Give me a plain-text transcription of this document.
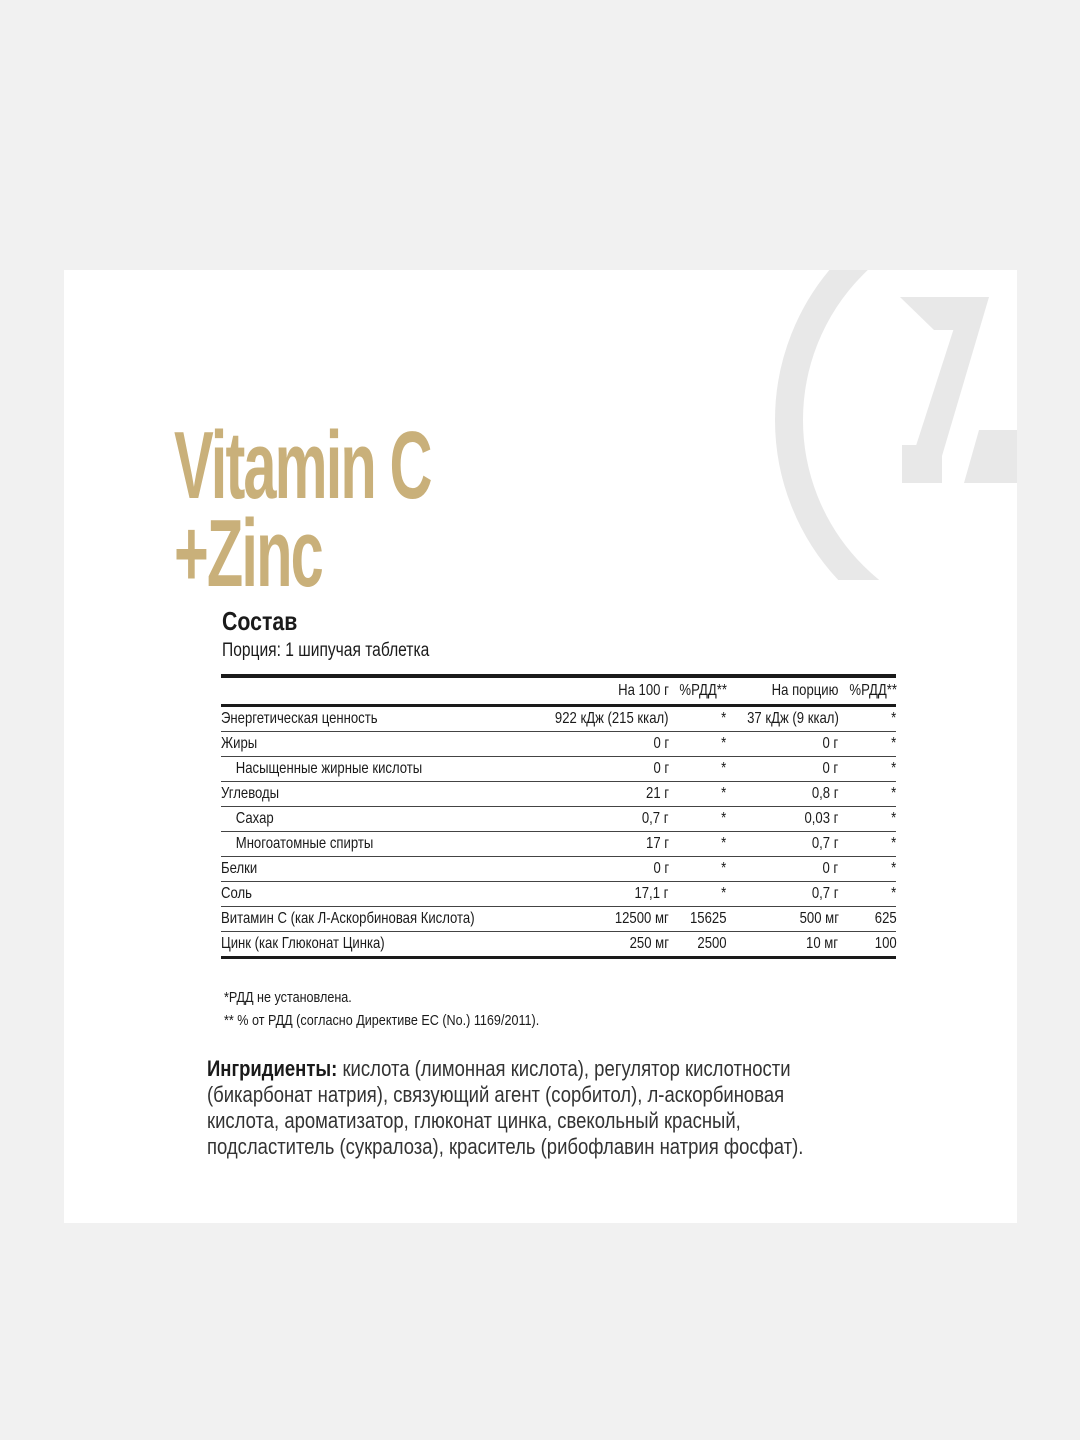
Vitamin C
+Zinc
Состав
Порция: 1 шипучая таблетка
	На 100 г	%РДД**	На порцию	%РДД**
Энергетическая ценность	922 кДж (215 ккал)	*	37 кДж (9 ккал)	*
Жиры	0 г	*	0 г	*
Насыщенные жирные кислоты	0 г	*	0 г	*
Углеводы	21 г	*	0,8 г	*
Сахар	0,7 г	*	0,03 г	*
Многоатомные спирты	17 г	*	0,7 г	*
Белки	0 г	*	0 г	*
Соль	17,1 г	*	0,7 г	*
Витамин С (как Л-Аскорбиновая Кислота)	12500 мг	15625	500 мг	625
Цинк (как Глюконат Цинка)	250 мг	2500	10 мг	100
*РДД не установлена.
** % от РДД (согласно Директиве ЕС (No.) 1169/2011).
Ингридиенты: кислота (лимонная кислота), регулятор кислотности
(бикарбонат натрия), связующий агент (сорбитол), л-аскорбиновая
кислота, ароматизатор, глюконат цинка, свекольный красный,
подсластитель (сукралоза), краситель (рибофлавин натрия фосфат).
